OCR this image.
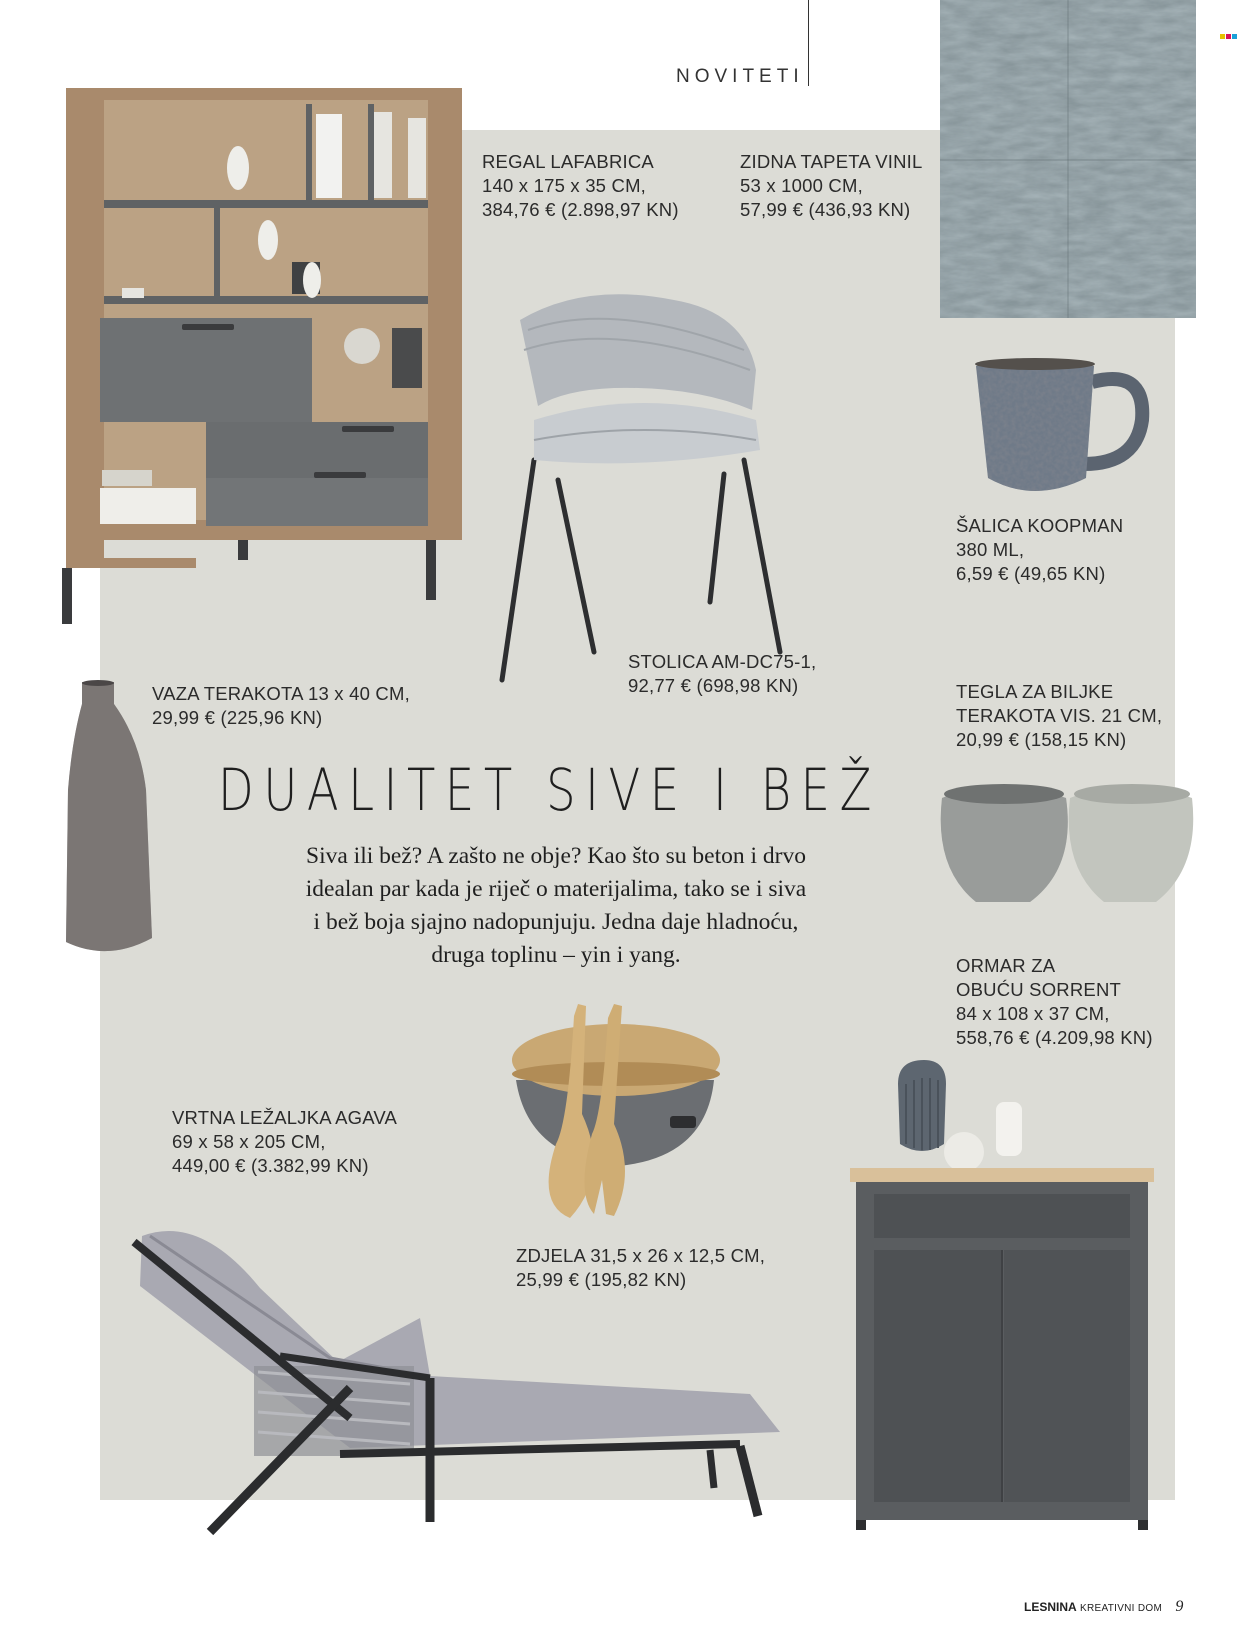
NOVITETI
REGAL LAFABRICA
140 x 175 x 35 CM,
384,76 € (2.898,97 KN)
ZIDNA TAPETA VINIL
53 x 1000 CM,
57,99 € (436,93 KN)
ŠALICA KOOPMAN
380 ML,
6,59 € (49,65 KN)
STOLICA AM-DC75-1,
92,77 € (698,98 KN)
VAZA TERAKOTA 13 x 40 CM,
29,99 € (225,96 KN)
TEGLA ZA BILJKE
TERAKOTA VIS. 21 CM,
20,99 € (158,15 KN)
ORMAR ZA
OBUĆU SORRENT
84 x 108 x 37 CM,
558,76 € (4.209,98 KN)
VRTNA LEŽALJKA AGAVA
69 x 58 x 205 CM,
449,00 € (3.382,99 KN)
ZDJELA 31,5 x 26 x 12,5 CM,
25,99 € (195,82 KN)
DUALITET SIVE I BEŽ
Siva ili bež? A zašto ne obje? Kao što su beton i drvo
idealan par kada je riječ o materijalima, tako se i siva
i bež boja sjajno nadopunjuju. Jedna daje hladnoću,
druga toplinu – yin i yang.
LESNINA KREATIVNI DOM 9
